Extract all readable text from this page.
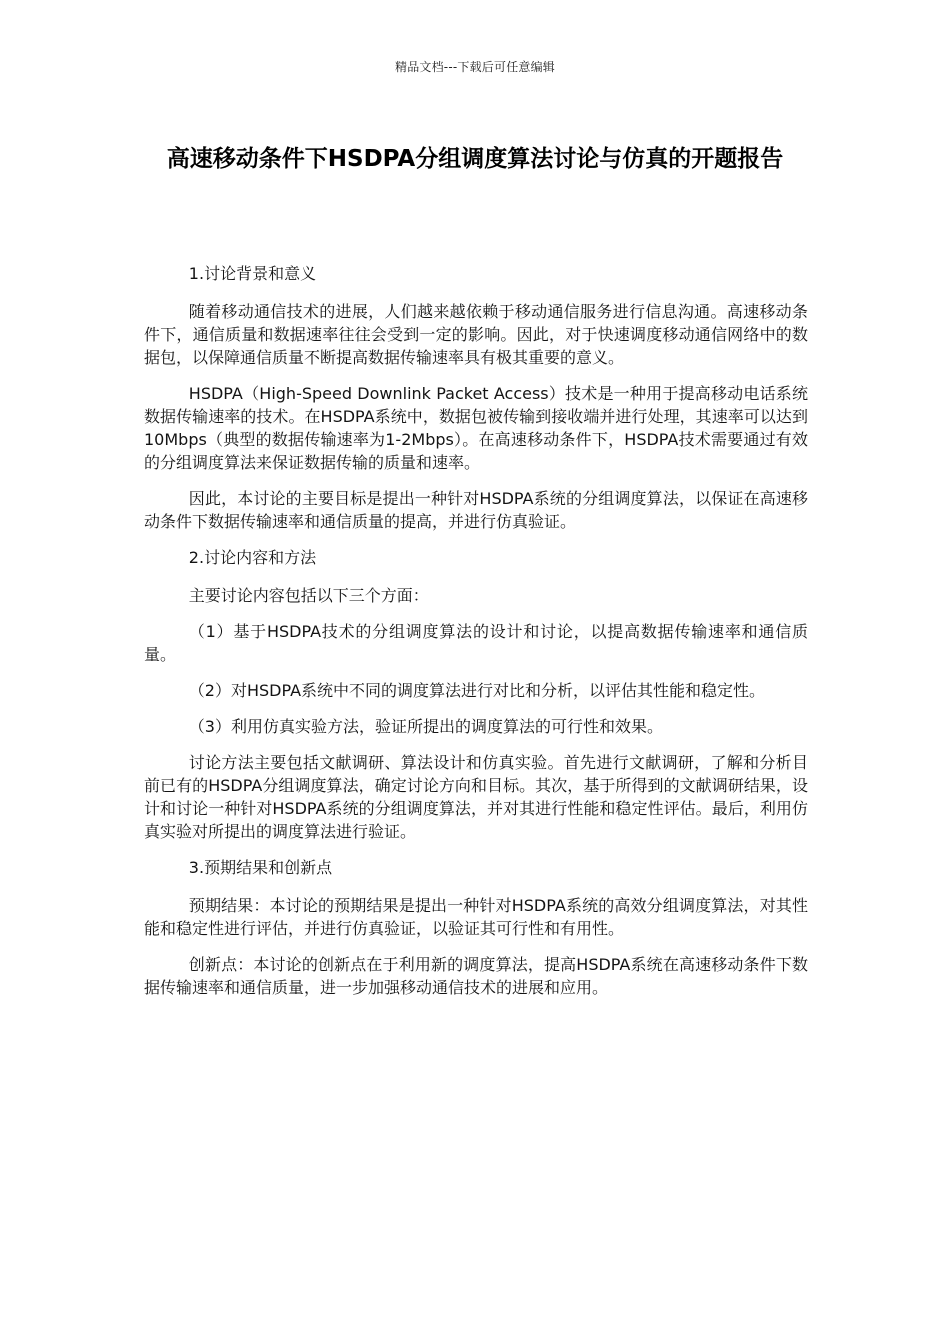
精品文档---下载后可任意编辑
高速移动条件下HSDPA分组调度算法讨论与仿真的开题报告

1.讨论背景和意义

随着移动通信技术的进展，人们越来越依赖于移动通信服务进行信息沟通。高速移动条件下，通信质量和数据速率往往会受到一定的影响。因此，对于快速调度移动通信网络中的数据包，以保障通信质量不断提高数据传输速率具有极其重要的意义。

HSDPA（High-Speed Downlink Packet Access）技术是一种用于提高移动电话系统数据传输速率的技术。在HSDPA系统中，数据包被传输到接收端并进行处理，其速率可以达到10Mbps（典型的数据传输速率为1-2Mbps）。在高速移动条件下，HSDPA技术需要通过有效的分组调度算法来保证数据传输的质量和速率。

因此，本讨论的主要目标是提出一种针对HSDPA系统的分组调度算法，以保证在高速移动条件下数据传输速率和通信质量的提高，并进行仿真验证。

2.讨论内容和方法

主要讨论内容包括以下三个方面：

（1）基于HSDPA技术的分组调度算法的设计和讨论，以提高数据传输速率和通信质量。

（2）对HSDPA系统中不同的调度算法进行对比和分析，以评估其性能和稳定性。

（3）利用仿真实验方法，验证所提出的调度算法的可行性和效果。

讨论方法主要包括文献调研、算法设计和仿真实验。首先进行文献调研，了解和分析目前已有的HSDPA分组调度算法，确定讨论方向和目标。其次，基于所得到的文献调研结果，设计和讨论一种针对HSDPA系统的分组调度算法，并对其进行性能和稳定性评估。最后，利用仿真实验对所提出的调度算法进行验证。

3.预期结果和创新点

预期结果：本讨论的预期结果是提出一种针对HSDPA系统的高效分组调度算法，对其性能和稳定性进行评估，并进行仿真验证，以验证其可行性和有用性。

创新点：本讨论的创新点在于利用新的调度算法，提高HSDPA系统在高速移动条件下数据传输速率和通信质量，进一步加强移动通信技术的进展和应用。
